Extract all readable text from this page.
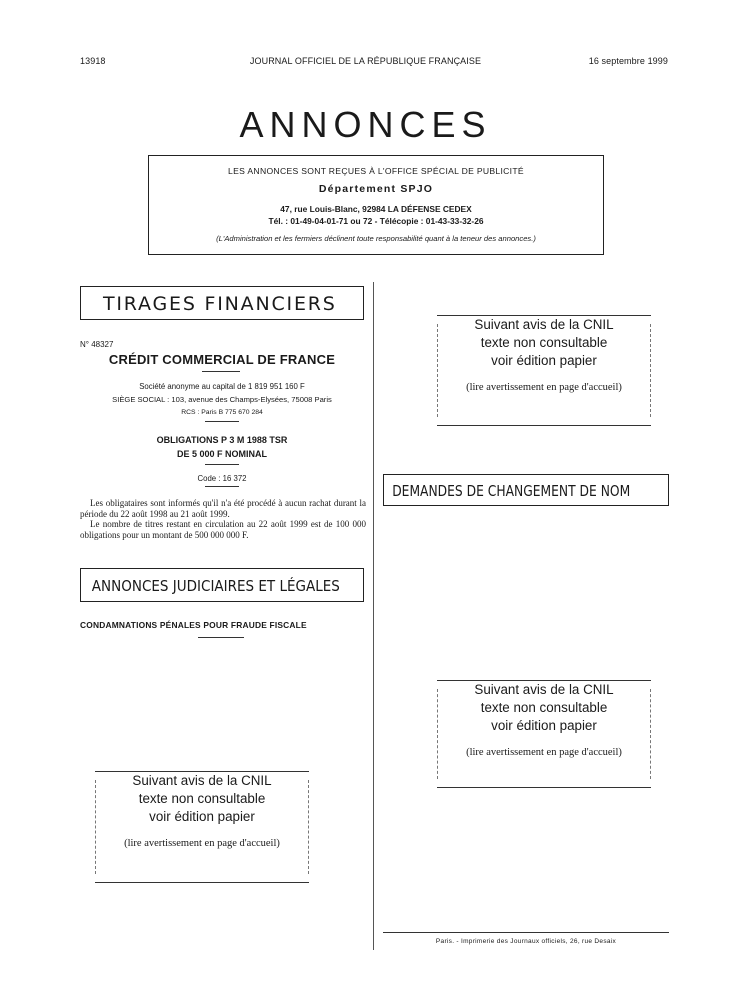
13918	JOURNAL OFFICIEL DE LA RÉPUBLIQUE FRANÇAISE	16 septembre 1999
ANNONCES
LES ANNONCES SONT REÇUES À L'OFFICE SPÉCIAL DE PUBLICITÉ
Département SPJO
47, rue Louis-Blanc, 92984 LA DÉFENSE CEDEX
Tél. : 01-49-04-01-71 ou 72 - Télécopie : 01-43-33-32-26
(L'Administration et les fermiers déclinent toute responsabilité quant à la teneur des annonces.)
TIRAGES FINANCIERS
N° 48327
CRÉDIT COMMERCIAL DE FRANCE
Société anonyme au capital de 1 819 951 160 F
SIÈGE SOCIAL : 103, avenue des Champs-Elysées, 75008 Paris
RCS : Paris B 775 670 284
OBLIGATIONS P 3 M 1988 TSR
DE 5 000 F NOMINAL
Code : 16 372

Les obligataires sont informés qu'il n'a été procédé à aucun rachat durant la période du 22 août 1998 au 21 août 1999.

Le nombre de titres restant en circulation au 22 août 1999 est de 100 000 obligations pour un montant de 500 000 000 F.

ANNONCES JUDICIAIRES ET LÉGALES
CONDAMNATIONS PÉNALES POUR FRAUDE FISCALE
Suivant avis de la CNIL
texte non consultable
voir édition papier
(lire avertissement en page d'accueil)
Suivant avis de la CNIL
texte non consultable
voir édition papier
(lire avertissement en page d'accueil)
DEMANDES DE CHANGEMENT DE NOM
Suivant avis de la CNIL
texte non consultable
voir édition papier
(lire avertissement en page d'accueil)
Paris. - Imprimerie des Journaux officiels, 26, rue Desaix
